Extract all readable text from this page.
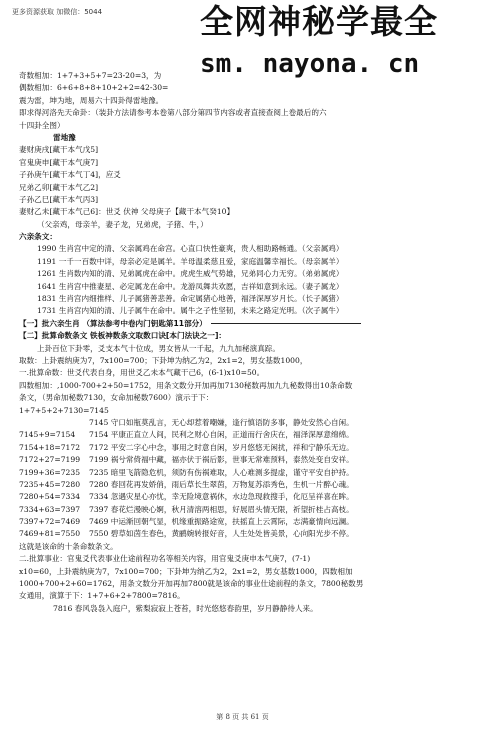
更多资源获取 加微信：5044	全网神秘学最全
sm. nayona. cn
奇数相加：1+7+3+5+7=23-20=3，为
偶数相加：6+6+8+8+10+2+2=42-30=
震为雷，坤为地，周易六十四卦得雷地豫。
即求得河洛先天命卦：（装卦方法请参考本卷第八部分第四节内容或者直接查阅上卷最后的六
十四卦全图）
雷地豫
妻财庚戌[藏干本气戊5]
官鬼庚申[藏干本气庚7]
子孙庚午[藏干本气丁4]，应爻
兄弟乙卯[藏干本气乙2]
子孙乙巳[藏干本气丙3]
妻财乙未[藏干本气己6]：世爻 伏神 父母庚子【藏干本气癸10】
（父亲鸡，母亲羊，妻子龙，兄弟虎，子猪、牛，）
六亲条文：
1990 生肖宫中定的清、父亲属鸡在命宫。心直口快性豪爽，贵人相助路畅通。（父亲属鸡）
1191 一千一百数中详，母亲必定是属羊。羊母温柔慈且爱，家庭温馨幸福长。（母亲属羊）
1261 生肖数内知的清、兄弟属虎在命中。虎虎生威气势雄，兄弟同心力无穷。（弟弟属虎）
1641 生肖宫中推妻星、必定属龙在命中。龙游凤舞共欢愿，吉祥如意到永远。（妻子属龙）
1831 生肖宫内细推样、儿子属猪善悲善。命定属猪心地善，福泽深厚岁月长。（长子属猪）
1731 生肖宫内知的清、儿子属牛在命中。属牛之子性坚韧，未来之路定光明。（次子属牛）
【一】批六亲生肖 （算法参考中卷内门钥匙第11部分）
【二】批算命数条文 铁板神数条文取数口诀[本门法诀之一]：
上卦百位下卦零，爻支本气十位成，男女皆从一千起，九九加秘演真踪。
取数：上卦震纳庚为7，7x100=700；下卦坤为纳乙为2，2x1=2，男女基数1000，
一.批算命数：世爻代表自身，用世爻乙未本气藏干己6，(6-1)x10=50。
四数相加：,1000-700+2+50=1752，用条文数分开加再加7130秘数再加九九秘数得出10条命数
条文，（男命加秘数7130，女命加秘数7600）演示于下：
1+7+5+2+7130=7145
7145 守口如瓶莫乱言，无心却惹着嘲嫌，逢行慎语防多事，静处安然心自闲。
7145+9=7154	7154 平康正直立人间，民利之财心自闲，正道而行舍庆在，福泽深厚意绵绵。
7154+18=7172	7172 平安二字心中念，事用之时意自闲，岁月悠悠无闲扰，祥和宁静乐无边。
7172+27=7199	7199 祸兮常倚福中藏，福亦伏于祸后影，世事无常难预料，泰然处变自安祥。
7199+36=7235	7235 暗里飞箭隐危机，须防有伤祸难取，人心难测多提虚，谨守平安自护持。
7235+45=7280	7280 春回花再发娇俏，雨后草长生翠茵，万物复苏添秀色，生机一片醉心魂。
7280+54=7334	7334 忽遇灾星心亦忧，幸无险境意祸休，水边急现救搜手，化厄呈祥喜在眸。
7334+63=7397	7397 春花烂漫映心婀，秋月清溶两相思，好展眉头情无限，祈望折桂占高枝。
7397+72=7469	7469 中运渐回朝气显，机缘重振路途宽，扶摇直上云霄际，志满豪情向远澜。
7469+81=7550	7550 碧草如茵生春色，黄鹂婉转报好音，人生处处皆美景，心向阳光步不停。
这就是该命的十条命数条文。
二.批算事业：官鬼爻代表事业仕途前程功名等相关内容，用官鬼爻庚申本气庚7，(7-1)
x10=60，上卦震纳庚为7，7x100=700；下卦坤为纳乙为2，2x1=2，男女基数1000，四数相加
1000+700+2+60=1762，用条文数分开加再加7800就是该命的事业仕途前程的条文，7800秘数男
女通用，演算于下：1+7+6+2+7800=7816。
7816 春风袅袅入庭户，紫梨寂寂上苍苔，时光悠悠春韵里，岁月静静待人来。
第 8 页 共 61 页
